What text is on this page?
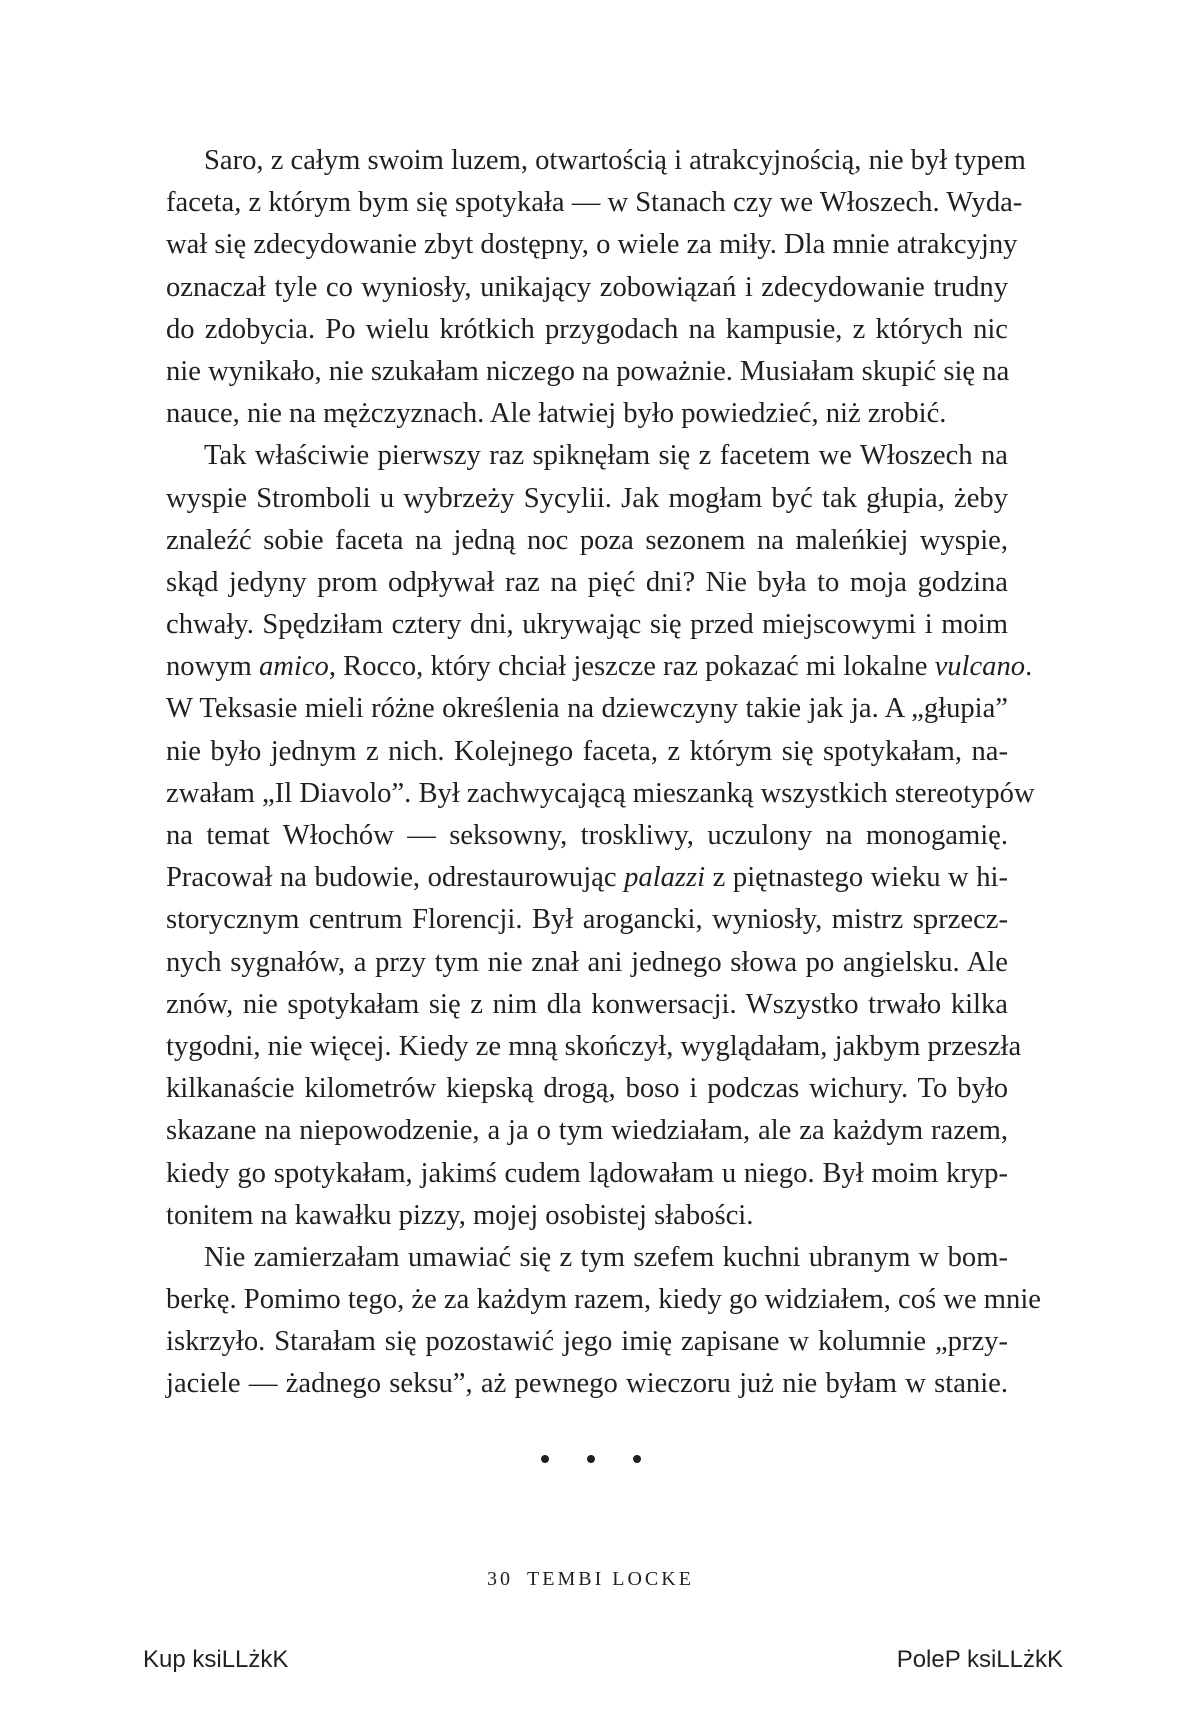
Saro, z całym swoim luzem, otwartością i atrakcyjnością, nie był typem
faceta, z którym bym się spotykała — w Stanach czy we Włoszech. Wyda-
wał się zdecydowanie zbyt dostępny, o wiele za miły. Dla mnie atrakcyjny
oznaczał tyle co wyniosły, unikający zobowiązań i zdecydowanie trudny
do zdobycia. Po wielu krótkich przygodach na kampusie, z których nic
nie wynikało, nie szukałam niczego na poważnie. Musiałam skupić się na
nauce, nie na mężczyznach. Ale łatwiej było powiedzieć, niż zrobić.
Tak właściwie pierwszy raz spiknęłam się z facetem we Włoszech na
wyspie Stromboli u wybrzeży Sycylii. Jak mogłam być tak głupia, żeby
znaleźć sobie faceta na jedną noc poza sezonem na maleńkiej wyspie,
skąd jedyny prom odpływał raz na pięć dni? Nie była to moja godzina
chwały. Spędziłam cztery dni, ukrywając się przed miejscowymi i moim
nowym amico, Rocco, który chciał jeszcze raz pokazać mi lokalne vulcano.
W Teksasie mieli różne określenia na dziewczyny takie jak ja. A „głupia”
nie było jednym z nich. Kolejnego faceta, z którym się spotykałam, na-
zwałam „Il Diavolo”. Był zachwycającą mieszanką wszystkich stereotypów
na temat Włochów — seksowny, troskliwy, uczulony na monogamię.
Pracował na budowie, odrestaurowując palazzi z piętnastego wieku w hi-
storycznym centrum Florencji. Był arogancki, wyniosły, mistrz sprzecz-
nych sygnałów, a przy tym nie znał ani jednego słowa po angielsku. Ale
znów, nie spotykałam się z nim dla konwersacji. Wszystko trwało kilka
tygodni, nie więcej. Kiedy ze mną skończył, wyglądałam, jakbym przeszła
kilkanaście kilometrów kiepską drogą, boso i podczas wichury. To było
skazane na niepowodzenie, a ja o tym wiedziałam, ale za każdym razem,
kiedy go spotykałam, jakimś cudem lądowałam u niego. Był moim kryp-
tonitem na kawałku pizzy, mojej osobistej słabości.
Nie zamierzałam umawiać się z tym szefem kuchni ubranym w bom-
berkę. Pomimo tego, że za każdym razem, kiedy go widziałem, coś we mnie
iskrzyło. Starałam się pozostawić jego imię zapisane w kolumnie „przy-
jaciele — żadnego seksu”, aż pewnego wieczoru już nie byłam w stanie.
30 TEMBI LOCKE
Kup ksiLLżkK	PoleP ksiLLżkK
